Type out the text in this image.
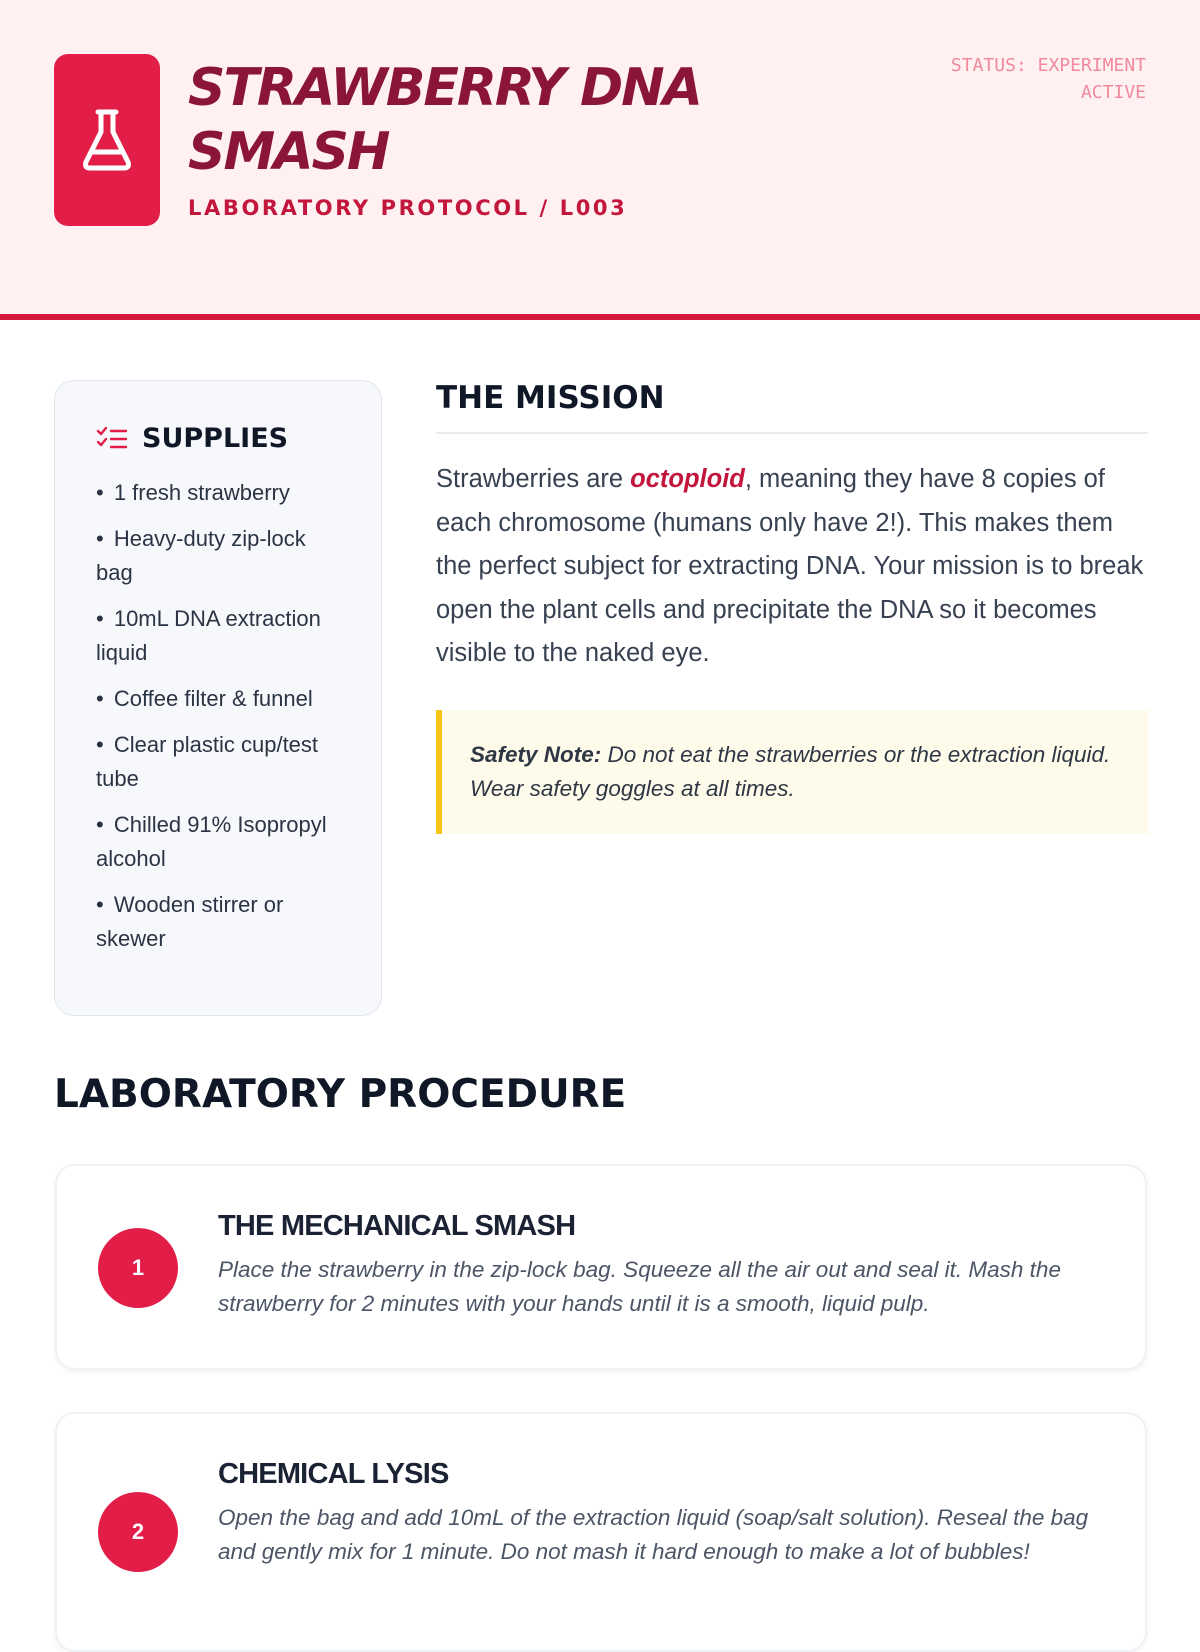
STRAWBERRY DNA SMASH
LABORATORY PROTOCOL / L003
STATUS: EXPERIMENT ACTIVE
SUPPLIES
• 1 fresh strawberry
• Heavy-duty zip-lock bag
• 10mL DNA extraction liquid
• Coffee filter & funnel
• Clear plastic cup/test tube
• Chilled 91% Isopropyl alcohol
• Wooden stirrer or skewer
THE MISSION

Strawberries are octoploid, meaning they have 8 copies of each chromosome (humans only have 2!). This makes them the perfect subject for extracting DNA. Your mission is to break open the plant cells and precipitate the DNA so it becomes visible to the naked eye.

Safety Note: Do not eat the strawberries or the extraction liquid. Wear safety goggles at all times.
LABORATORY PROCEDURE
1
THE MECHANICAL SMASH
Place the strawberry in the zip-lock bag. Squeeze all the air out and seal it. Mash the strawberry for 2 minutes with your hands until it is a smooth, liquid pulp.
2
CHEMICAL LYSIS
Open the bag and add 10mL of the extraction liquid (soap/salt solution). Reseal the bag and gently mix for 1 minute. Do not mash it hard enough to make a lot of bubbles!
